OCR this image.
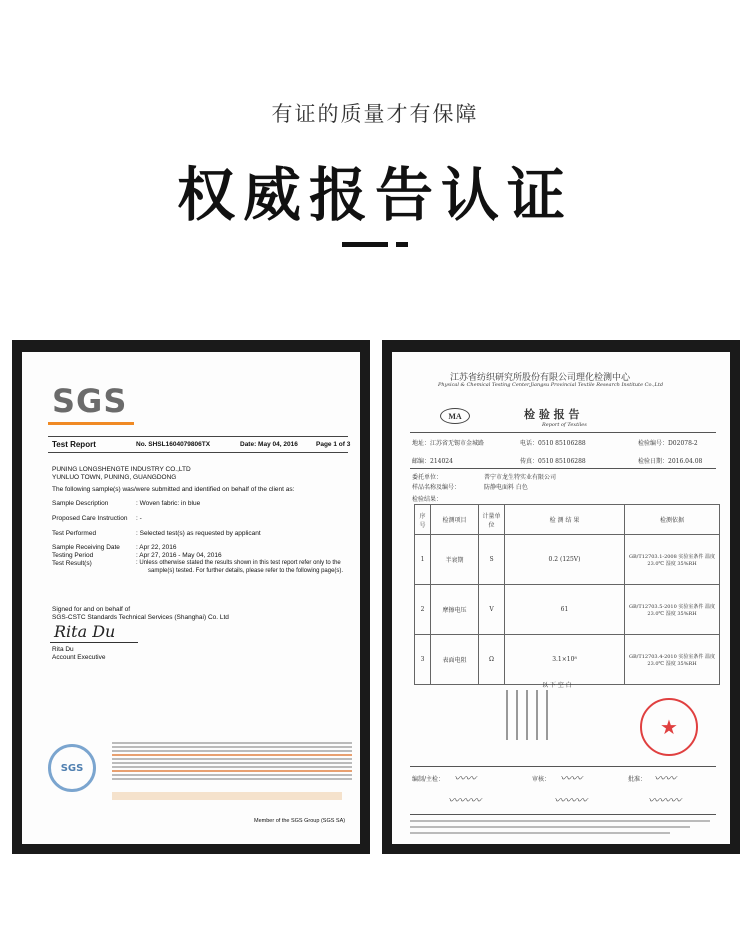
有证的质量才有保障
权威报告认证
SGS
Test Report	No. SHSL1604079806TX	Date: May 04, 2016	Page 1 of 3
PUNING LONGSHENGTE INDUSTRY CO.,LTD
YUNLUO TOWN, PUNING, GUANGDONG
The following sample(s) was/were submitted and identified on behalf of the client as:
Sample Description	: Woven fabric: in blue
Proposed Care Instruction : -
Test Performed	: Selected test(s) as requested by applicant
Sample Receiving Date : Apr 22, 2016
Testing Period	: Apr 27, 2016 - May 04, 2016
Test Result(s)	: Unless otherwise stated the results shown in this test report refer only to the
sample(s) tested. For further details, please refer to the following page(s).
Signed for and on behalf of
SGS-CSTC Standards Technical Services (Shanghai) Co. Ltd
Rita Du
Rita Du
Account Executive
SGS
Member of the SGS Group (SGS SA)
江苏省纺织研究所股份有限公司理化检测中心
Physical & Chemical Testing Center,Jiangsu Provincial Textile Research Institute Co.,Ltd
MA	检 验 报 告
Report of Textiles
地址：江苏省无锡市金城路	电话：0510 85106288	检验编号：D02078-2
邮编：214024	传真：0510 85106288	检验日期：2016.04.08
委托单位：	普宁市龙生特实业有限公司
样品名称及编号：	防静电面料 白色
检验结果：
序号	检测项目	计量单位	检 测 结 果	检测依据
1	半衰期	S	0.2 (125V)	GB/T12703.1-2008 实验室条件 温度 23.0℃ 湿度 35%RH
2	摩擦电压	V	61	GB/T12703.5-2010 实验室条件 温度 23.0℃ 湿度 35%RH
3	表面电阻	Ω	3.1×10⁸	GB/T12703.4-2010 实验室条件 温度 23.0℃ 湿度 35%RH
以 下 空 白
★
编制/主检： 〰〰	审核： 〰〰	批准： 〰〰
〰〰〰	〰〰〰	〰〰〰
